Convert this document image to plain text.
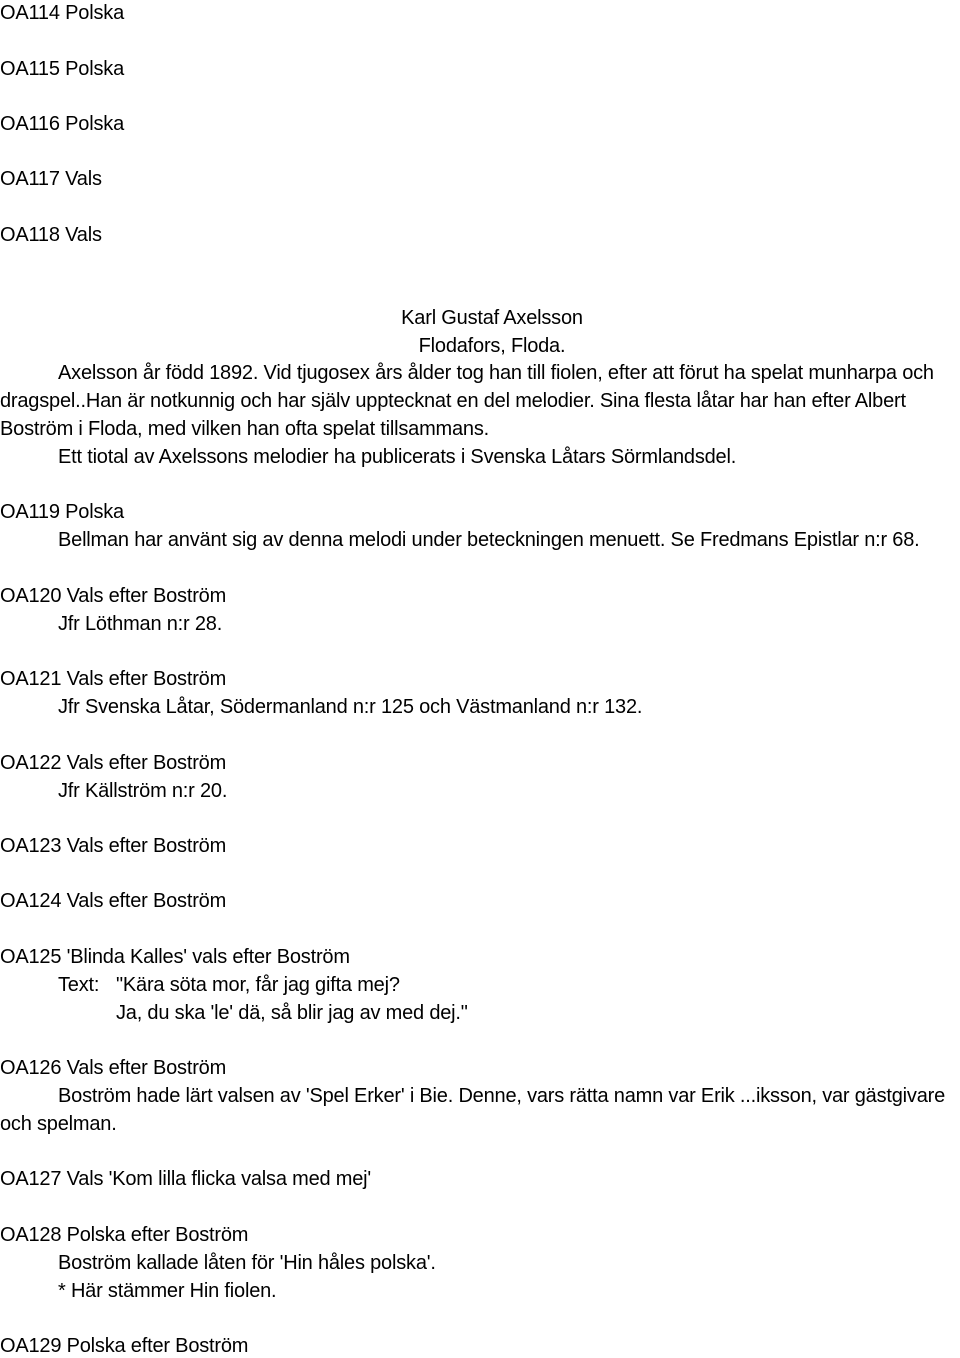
OA114 Polska
OA115 Polska
OA116 Polska
OA117 Vals
OA118 Vals
Karl Gustaf Axelsson
Flodafors, Floda.
Axelsson år född 1892. Vid tjugosex års ålder tog han till fiolen, efter att förut ha spelat munharpa och
dragspel..Han är notkunnig och har själv upptecknat en del melodier. Sina flesta låtar har han efter Albert
Boström i Floda, med vilken han ofta spelat tillsammans.
Ett tiotal av Axelssons melodier ha publicerats i Svenska Låtars Sörmlandsdel.
OA119 Polska
Bellman har använt sig av denna melodi under beteckningen menuett. Se Fredmans Epistlar n:r 68.
OA120 Vals efter Boström
Jfr Löthman n:r 28.
OA121 Vals efter Boström
Jfr Svenska Låtar, Södermanland n:r 125 och Västmanland n:r 132.
OA122 Vals efter Boström
Jfr Källström n:r 20.
OA123 Vals efter Boström
OA124 Vals efter Boström
OA125 'Blinda Kalles' vals efter Boström
Text: "Kära söta mor, får jag gifta mej?
Ja, du ska 'le' dä, så blir jag av med dej."
OA126 Vals efter Boström
Boström hade lärt valsen av 'Spel Erker' i Bie. Denne, vars rätta namn var Erik ...iksson, var gästgivare
och spelman.
OA127 Vals 'Kom lilla flicka valsa med mej'
OA128 Polska efter Boström
Boström kallade låten för 'Hin håles polska'.
* Här stämmer Hin fiolen.
OA129 Polska efter Boström
